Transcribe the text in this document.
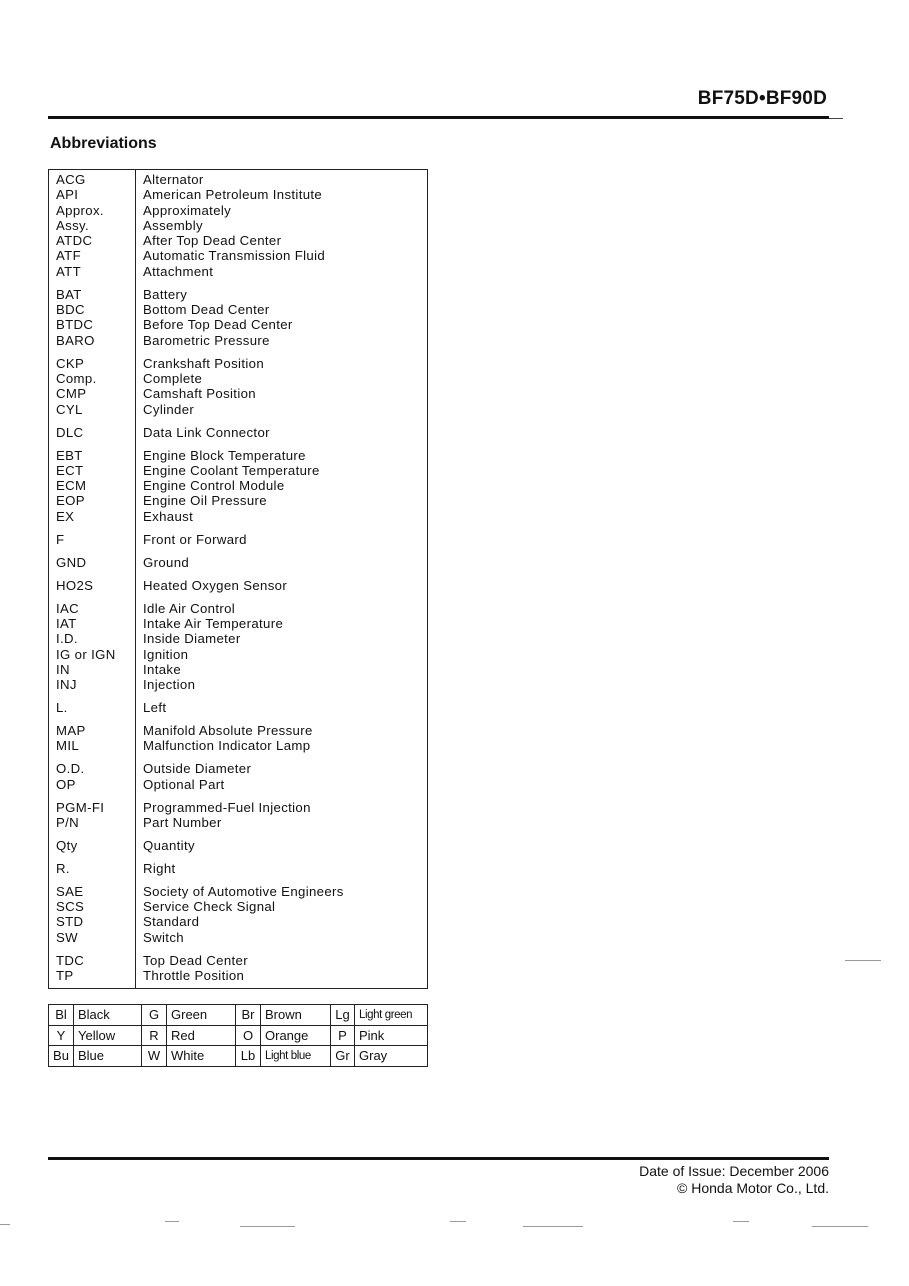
BF75D•BF90D
Abbreviations
ACG	Alternator
API	American Petroleum Institute
Approx.	Approximately
Assy.	Assembly
ATDC	After Top Dead Center
ATF	Automatic Transmission Fluid
ATT	Attachment
BAT	Battery
BDC	Bottom Dead Center
BTDC	Before Top Dead Center
BARO	Barometric Pressure
CKP	Crankshaft Position
Comp.	Complete
CMP	Camshaft Position
CYL	Cylinder
DLC	Data Link Connector
EBT	Engine Block Temperature
ECT	Engine Coolant Temperature
ECM	Engine Control Module
EOP	Engine Oil Pressure
EX	Exhaust
F	Front or Forward
GND	Ground
HO2S	Heated Oxygen Sensor
IAC	Idle Air Control
IAT	Intake Air Temperature
I.D.	Inside Diameter
IG or IGN	Ignition
IN	Intake
INJ	Injection
L.	Left
MAP	Manifold Absolute Pressure
MIL	Malfunction Indicator Lamp
O.D.	Outside Diameter
OP	Optional Part
PGM-FI	Programmed-Fuel Injection
P/N	Part Number
Qty	Quantity
R.	Right
SAE	Society of Automotive Engineers
SCS	Service Check Signal
STD	Standard
SW	Switch
TDC	Top Dead Center
TP	Throttle Position
Bl	Black	G	Green	Br	Brown	Lg	Light green
Y	Yellow	R	Red	O	Orange	P	Pink
Bu	Blue	W	White	Lb	Light blue	Gr	Gray
Date of Issue: December 2006
© Honda Motor Co., Ltd.
